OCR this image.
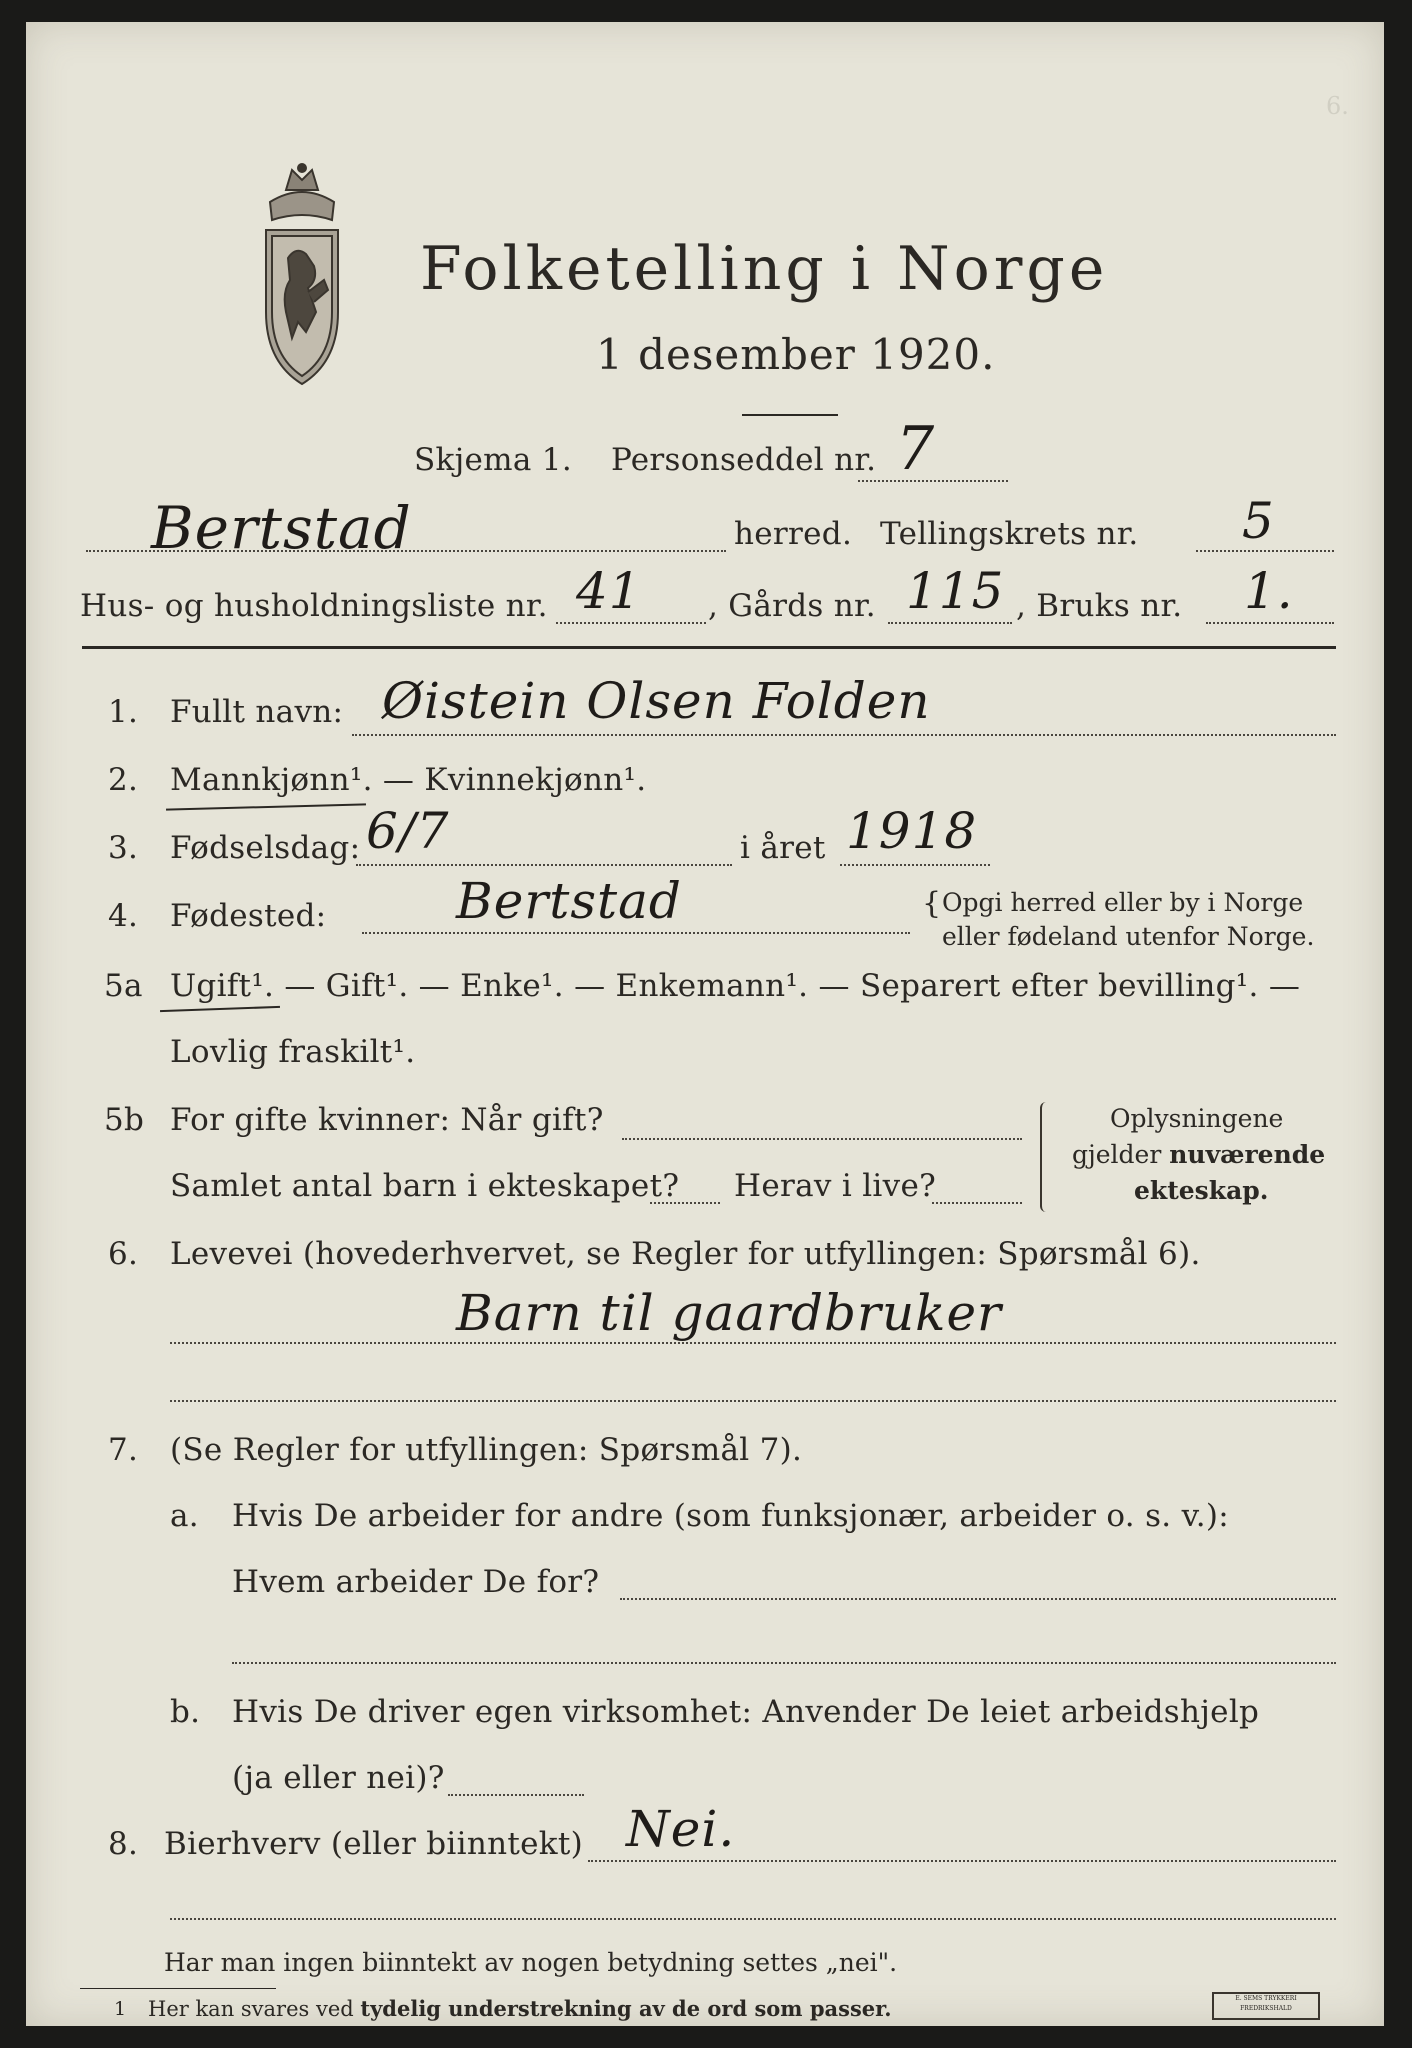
6.
Folketelling i Norge
1 desember 1920.
Skjema 1. Personseddel nr. 7
Bertstad	herred. Tellingskrets nr. 5
Hus- og husholdningsliste nr. 41 , Gårds nr. 115 , Bruks nr. 1.
1. Fullt navn: Øistein Olsen Folden
2. Mannkjønn¹. — Kvinnekjønn¹.
3. Fødselsdag: 6/7	i året 1918
4. Fødested:	Bertstad	{ Opgi herred eller by i Norge
eller fødeland utenfor Norge.
5a Ugift¹. — Gift¹. — Enke¹. — Enkemann¹. — Separert efter bevilling¹. —
Lovlig fraskilt¹.
5b For gifte kvinner: Når gift?
Samlet antal barn i ekteskapet? Herav i live?
Oplysningene
gjelder nuværende
ekteskap.
6. Levevei (hovederhvervet, se Regler for utfyllingen: Spørsmål 6).
Barn til gaardbruker
7. (Se Regler for utfyllingen: Spørsmål 7).
a. Hvis De arbeider for andre (som funksjonær, arbeider o. s. v.):
Hvem arbeider De for?
b. Hvis De driver egen virksomhet: Anvender De leiet arbeidshjelp
(ja eller nei)?
8. Bierhverv (eller biinntekt) Nei.
Har man ingen biinntekt av nogen betydning settes „nei".
1 Her kan svares ved tydelig understrekning av de ord som passer.	E. SEMS TRYKKERI FREDRIKSHALD
